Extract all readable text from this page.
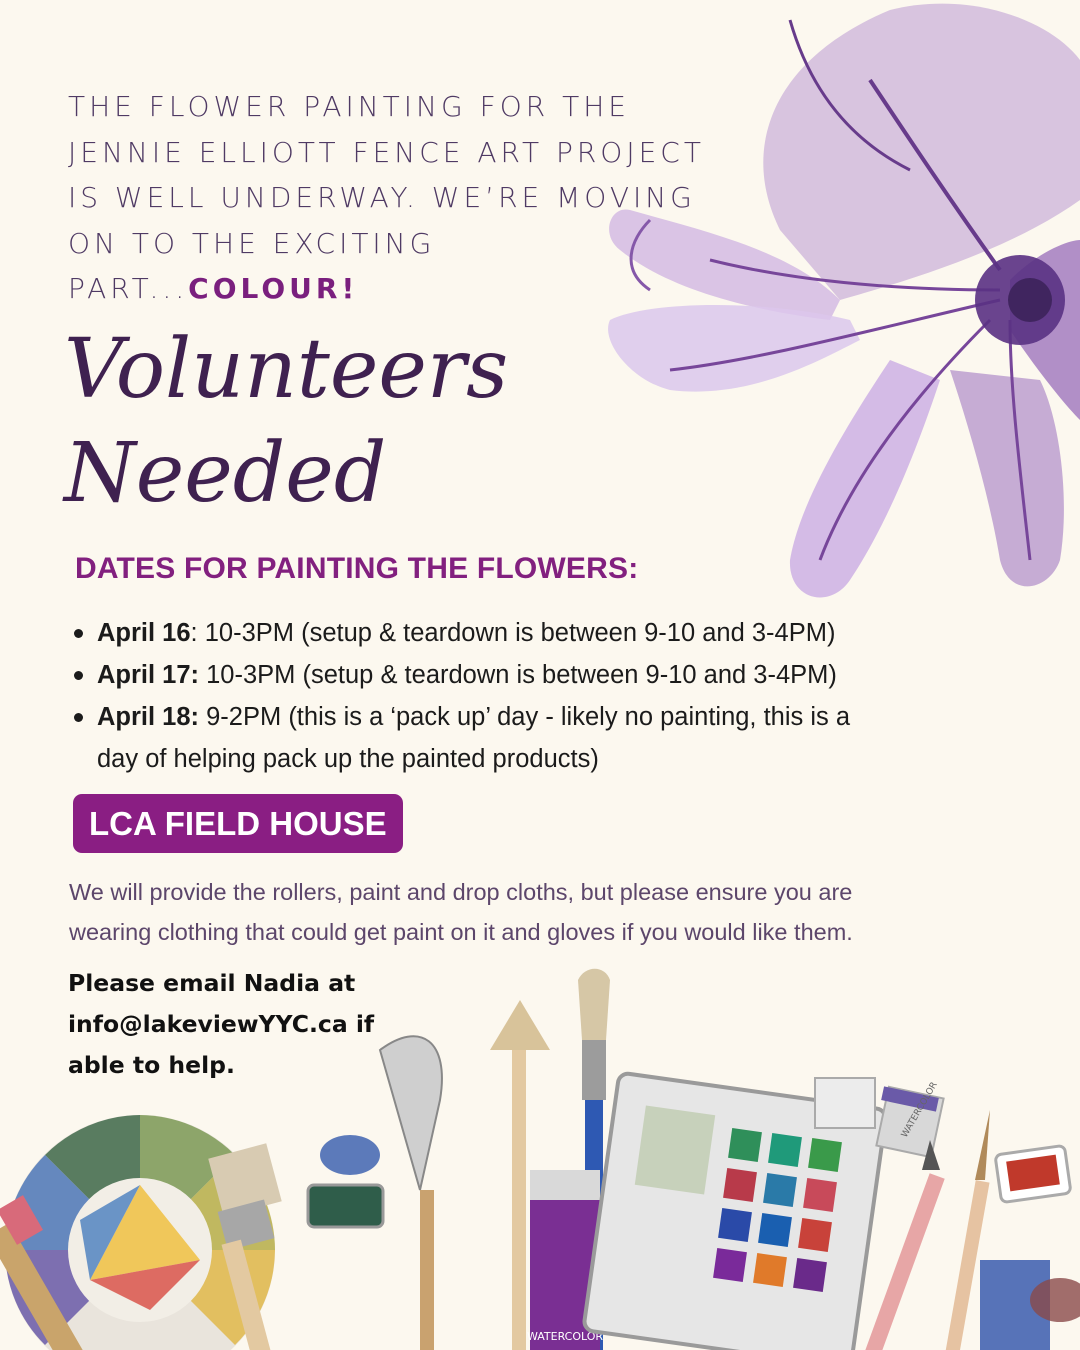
THE FLOWER PAINTING FOR THE
JENNIE ELLIOTT FENCE ART PROJECT
IS WELL UNDERWAY. WE’RE MOVING
ON TO THE EXCITING
PART...COLOUR!
Volunteers
Needed
DATES FOR PAINTING THE FLOWERS:
April 16: 10-3PM (setup & teardown is between 9-10 and 3-4PM)
April 17: 10-3PM (setup & teardown is between 9-10 and 3-4PM)
April 18: 9-2PM (this is a ‘pack up’ day - likely no painting, this is a
day of helping pack up the painted products)
LCA FIELD HOUSE
We will provide the rollers, paint and drop cloths, but please ensure you are
wearing clothing that could get paint on it and gloves if you would like them.
Please email Nadia at
info@lakeviewYYC.ca if
able to help.
WATERCOLOR
WATERCOLOR
